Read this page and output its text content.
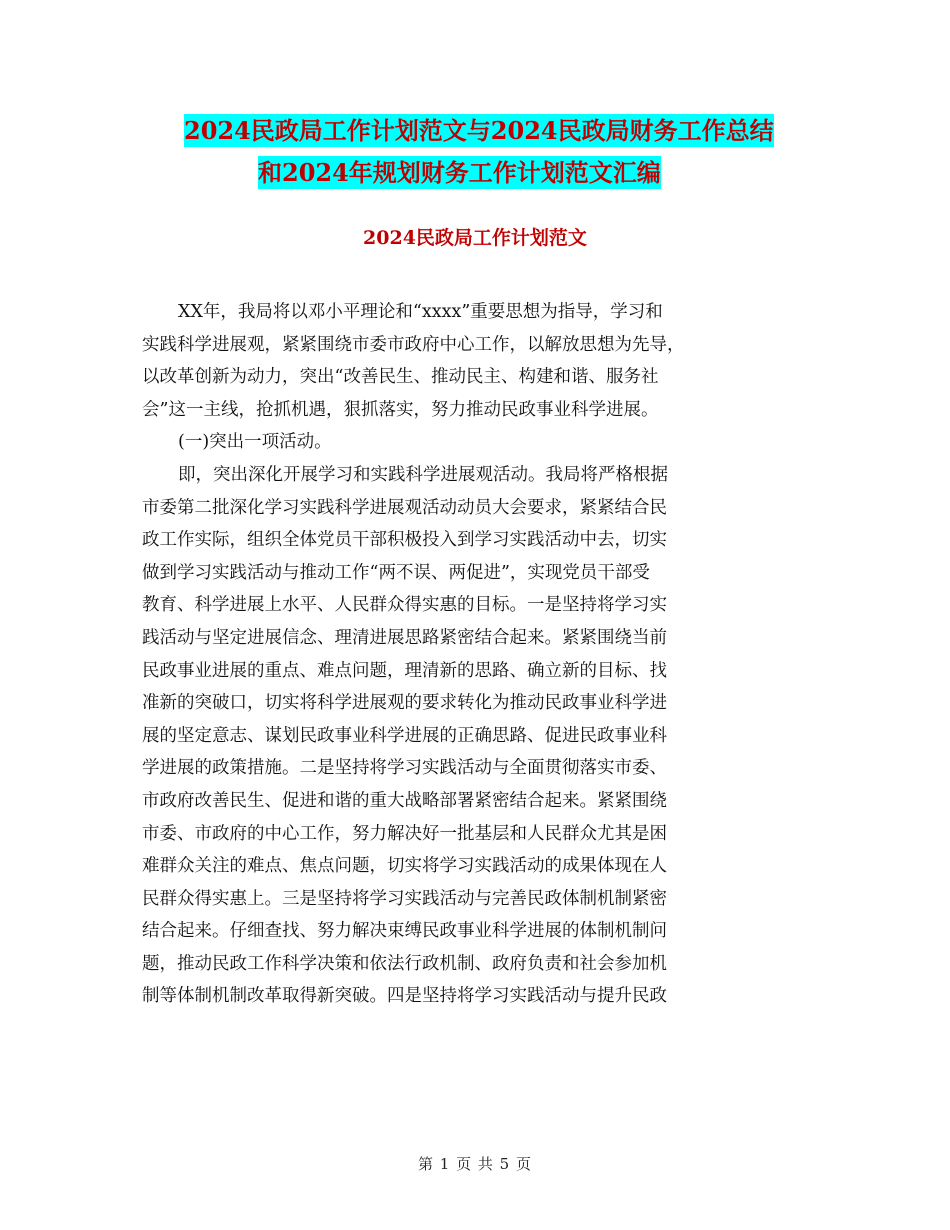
2024民政局工作计划范文与2024民政局财务工作总结
和2024年规划财务工作计划范文汇编
2024民政局工作计划范文
XX年，我局将以邓小平理论和“xxxx”重要思想为指导，学习和
实践科学进展观，紧紧围绕市委市政府中心工作，以解放思想为先导，
以改革创新为动力，突出“改善民生、推动民主、构建和谐、服务社
会”这一主线，抢抓机遇，狠抓落实，努力推动民政事业科学进展。
(一)突出一项活动。
即，突出深化开展学习和实践科学进展观活动。我局将严格根据
市委第二批深化学习实践科学进展观活动动员大会要求，紧紧结合民
政工作实际，组织全体党员干部积极投入到学习实践活动中去，切实
做到学习实践活动与推动工作“两不误、两促进”，实现党员干部受
教育、科学进展上水平、人民群众得实惠的目标。一是坚持将学习实
践活动与坚定进展信念、理清进展思路紧密结合起来。紧紧围绕当前
民政事业进展的重点、难点问题，理清新的思路、确立新的目标、找
准新的突破口，切实将科学进展观的要求转化为推动民政事业科学进
展的坚定意志、谋划民政事业科学进展的正确思路、促进民政事业科
学进展的政策措施。二是坚持将学习实践活动与全面贯彻落实市委、
市政府改善民生、促进和谐的重大战略部署紧密结合起来。紧紧围绕
市委、市政府的中心工作，努力解决好一批基层和人民群众尤其是困
难群众关注的难点、焦点问题，切实将学习实践活动的成果体现在人
民群众得实惠上。三是坚持将学习实践活动与完善民政体制机制紧密
结合起来。仔细查找、努力解决束缚民政事业科学进展的体制机制问
题，推动民政工作科学决策和依法行政机制、政府负责和社会参加机
制等体制机制改革取得新突破。四是坚持将学习实践活动与提升民政
第 1 页 共 5 页
